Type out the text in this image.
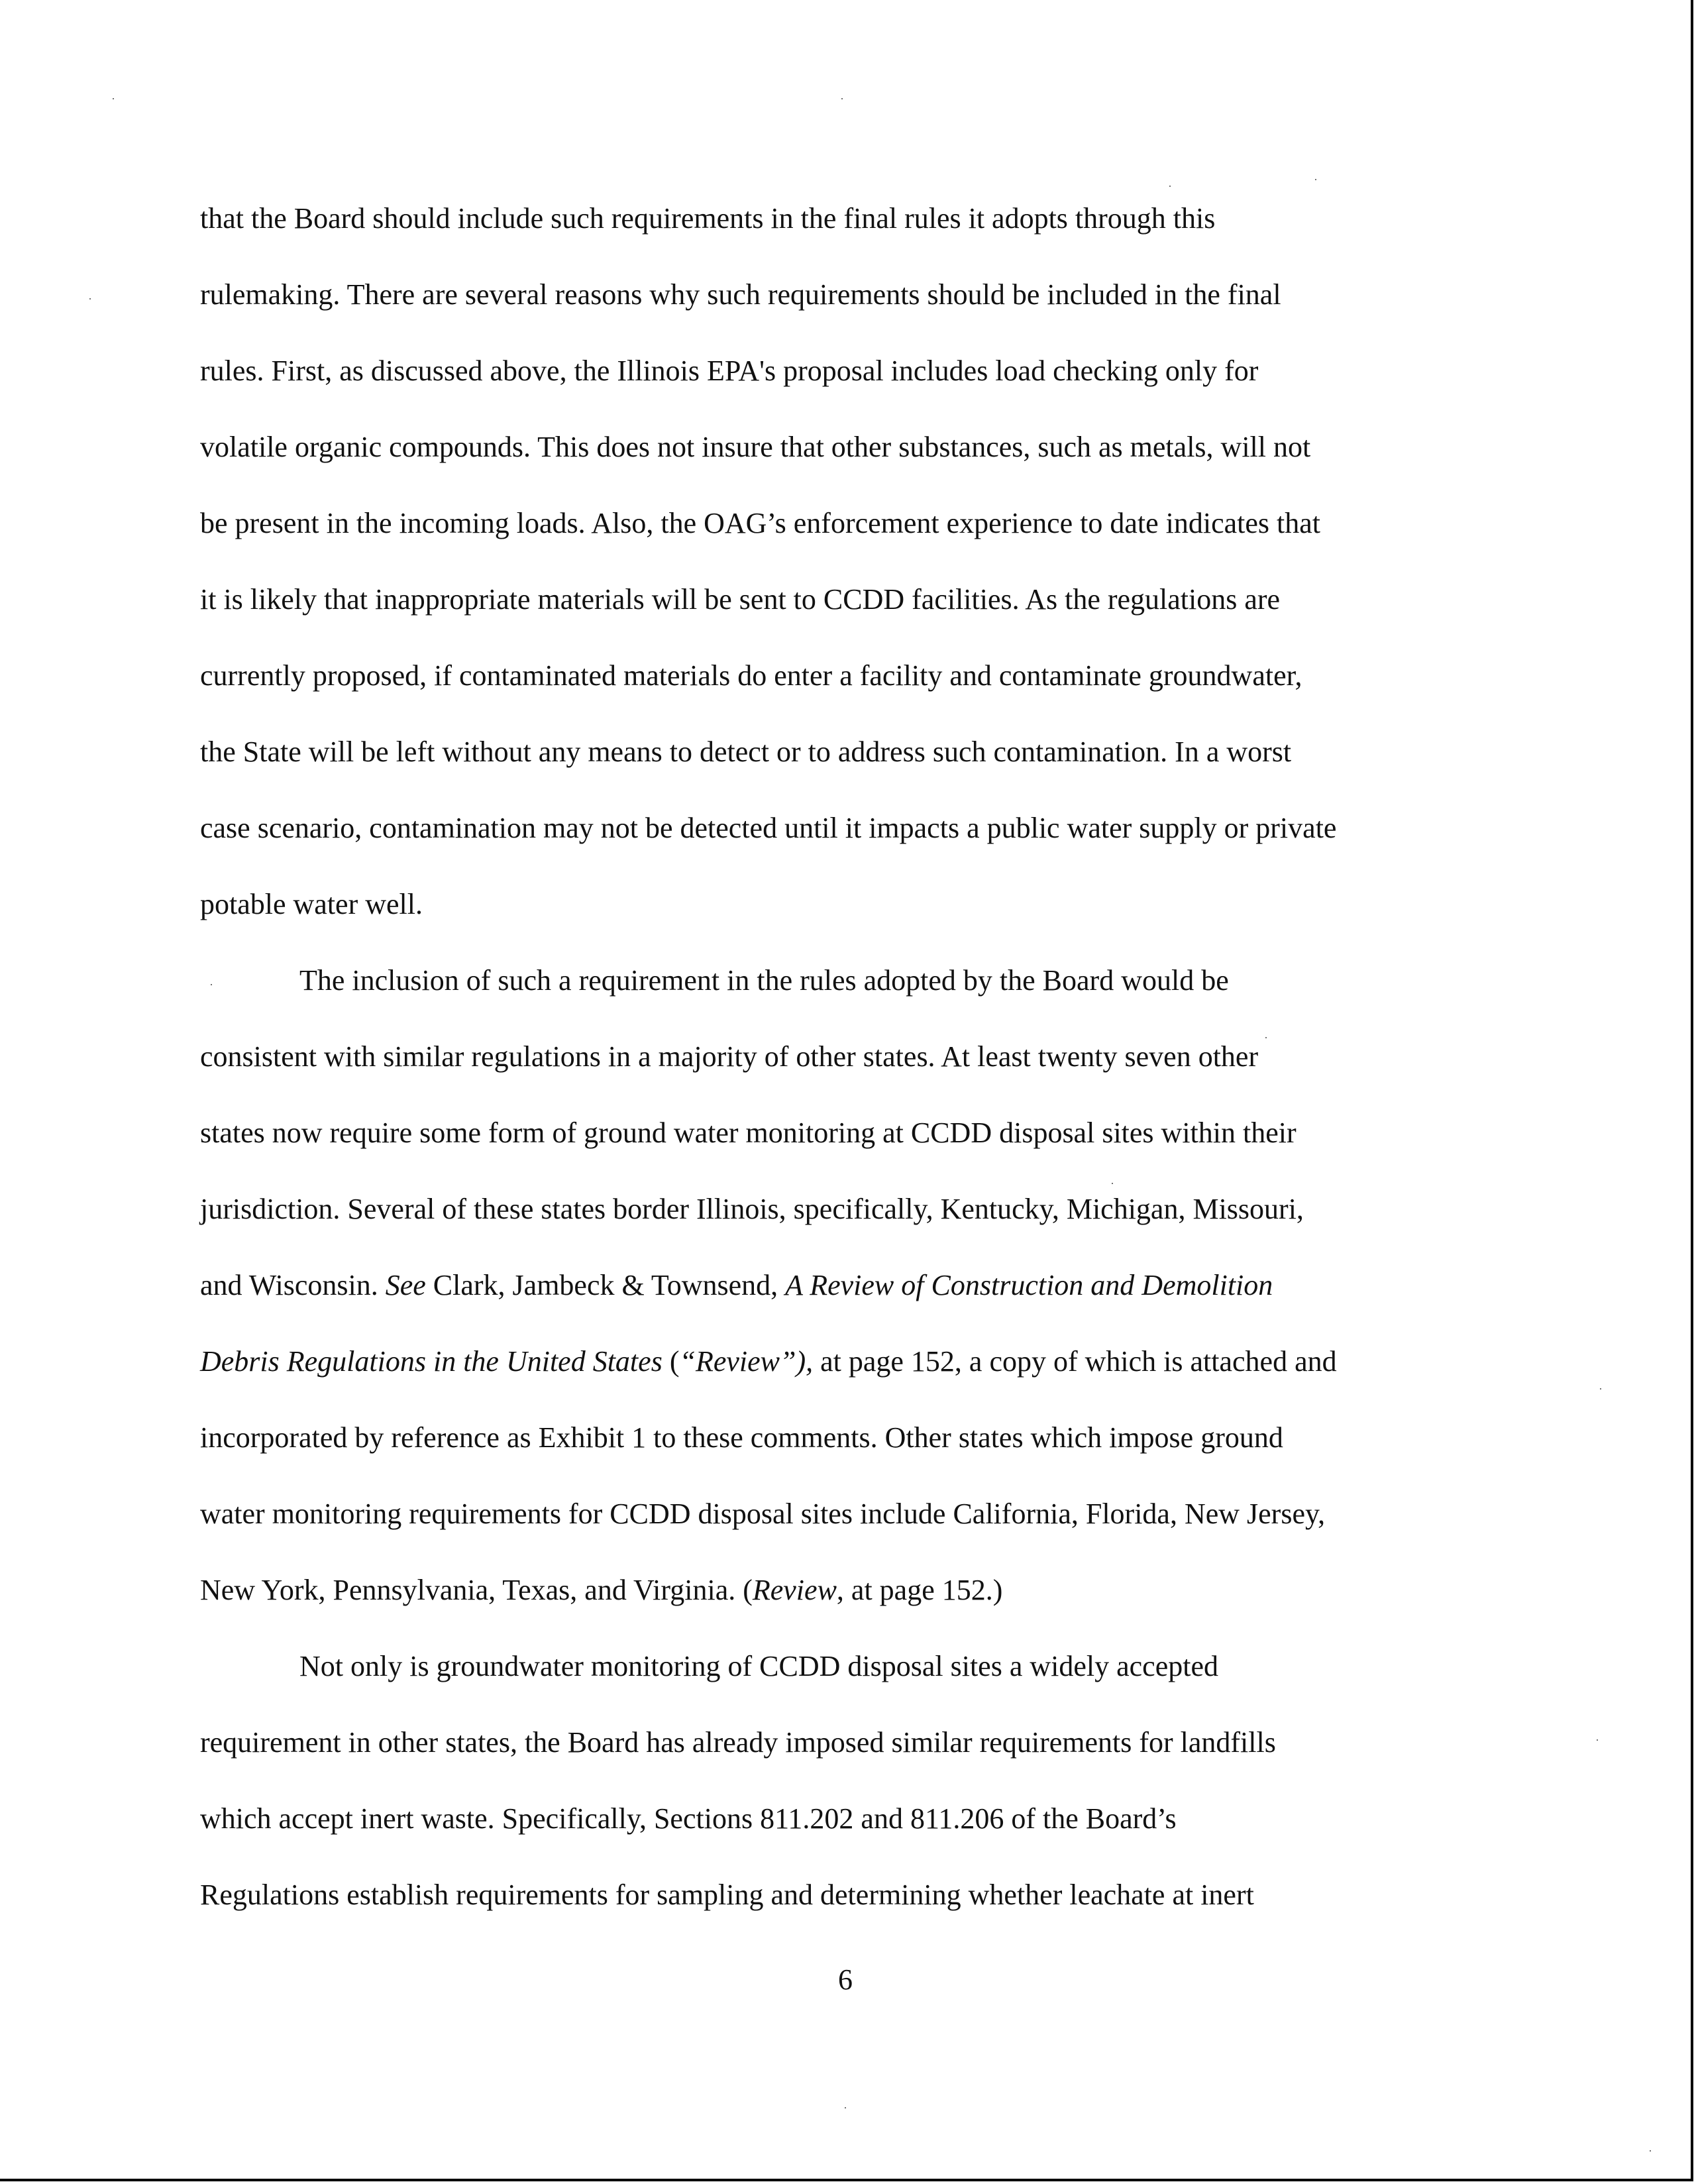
that the Board should include such requirements in the final rules it adopts through this
rulemaking. There are several reasons why such requirements should be included in the final
rules. First, as discussed above, the Illinois EPA's proposal includes load checking only for
volatile organic compounds. This does not insure that other substances, such as metals, will not
be present in the incoming loads. Also, the OAG’s enforcement experience to date indicates that
it is likely that inappropriate materials will be sent to CCDD facilities. As the regulations are
currently proposed, if contaminated materials do enter a facility and contaminate groundwater,
the State will be left without any means to detect or to address such contamination. In a worst
case scenario, contamination may not be detected until it impacts a public water supply or private
potable water well.
The inclusion of such a requirement in the rules adopted by the Board would be
consistent with similar regulations in a majority of other states. At least twenty seven other
states now require some form of ground water monitoring at CCDD disposal sites within their
jurisdiction. Several of these states border Illinois, specifically, Kentucky, Michigan, Missouri,
and Wisconsin. See Clark, Jambeck & Townsend, A Review of Construction and Demolition
Debris Regulations in the United States (“Review”), at page 152, a copy of which is attached and
incorporated by reference as Exhibit 1 to these comments. Other states which impose ground
water monitoring requirements for CCDD disposal sites include California, Florida, New Jersey,
New York, Pennsylvania, Texas, and Virginia. (Review, at page 152.)
Not only is groundwater monitoring of CCDD disposal sites a widely accepted
requirement in other states, the Board has already imposed similar requirements for landfills
which accept inert waste. Specifically, Sections 811.202 and 811.206 of the Board’s
Regulations establish requirements for sampling and determining whether leachate at inert
6
